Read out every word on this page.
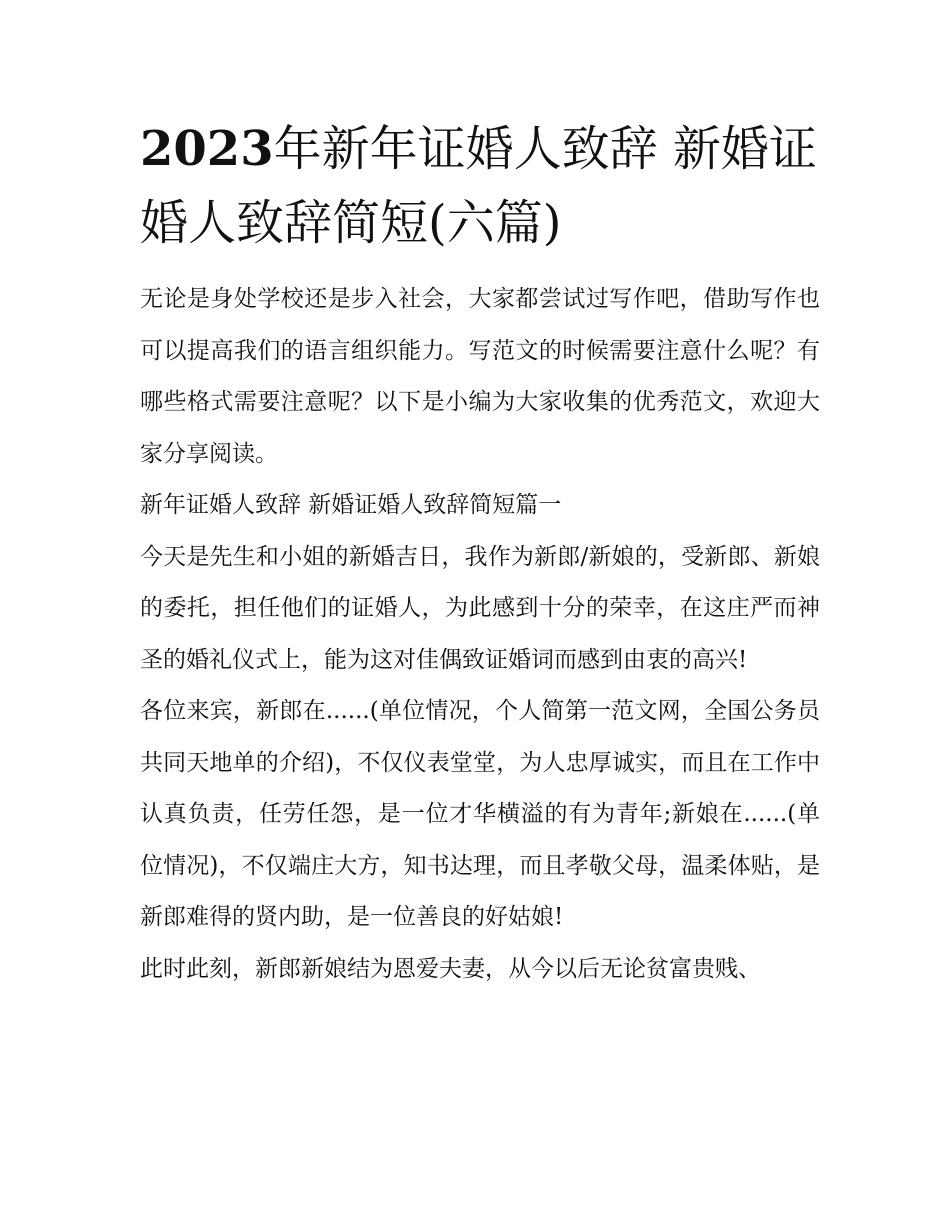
2023年新年证婚人致辞 新婚证婚人致辞简短(六篇)

无论是身处学校还是步入社会，大家都尝试过写作吧，借助写作也可以提高我们的语言组织能力。写范文的时候需要注意什么呢？有哪些格式需要注意呢？以下是小编为大家收集的优秀范文，欢迎大家分享阅读。

新年证婚人致辞 新婚证婚人致辞简短篇一

今天是先生和小姐的新婚吉日，我作为新郎/新娘的，受新郎、新娘的委托，担任他们的证婚人，为此感到十分的荣幸，在这庄严而神圣的婚礼仪式上，能为这对佳偶致证婚词而感到由衷的高兴!

各位来宾，新郎在......(单位情况，个人简第一范文网，全国公务员共同天地单的介绍)，不仅仪表堂堂，为人忠厚诚实，而且在工作中认真负责，任劳任怨，是一位才华横溢的有为青年;新娘在......(单位情况)，不仅端庄大方，知书达理，而且孝敬父母，温柔体贴，是新郎难得的贤内助，是一位善良的好姑娘!

此时此刻，新郎新娘结为恩爱夫妻，从今以后无论贫富贵贱、
